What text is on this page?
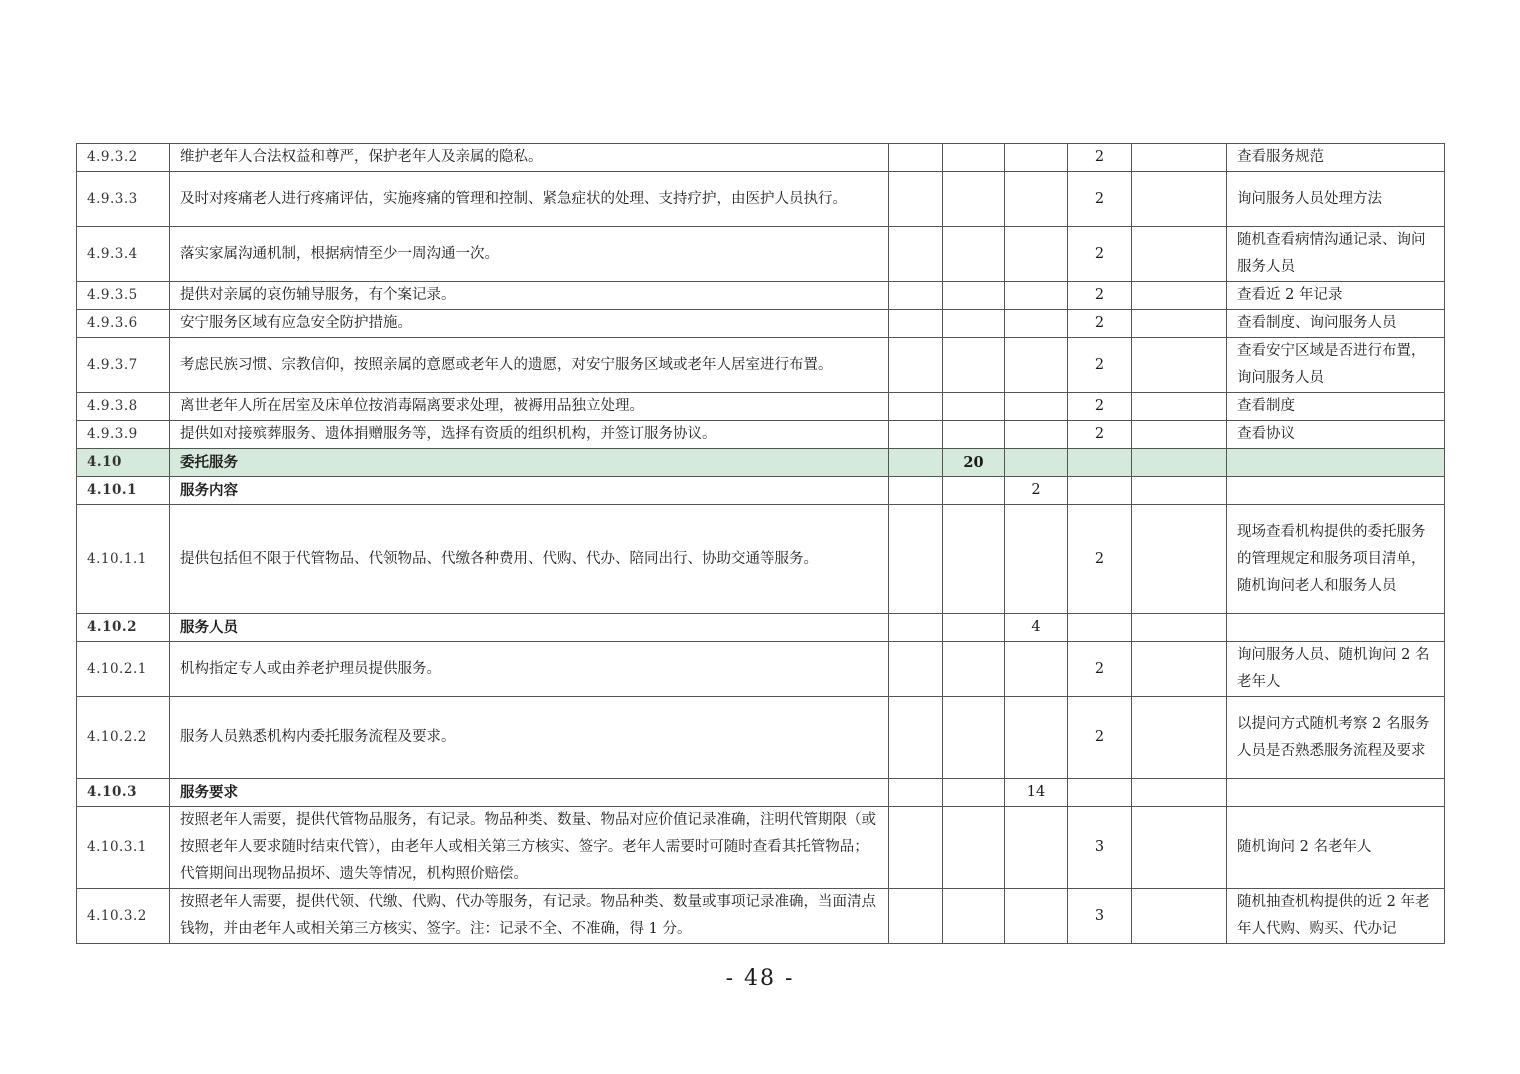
4.9.3.2	维护老年人合法权益和尊严，保护老年人及亲属的隐私。				2		查看服务规范
4.9.3.3	及时对疼痛老人进行疼痛评估，实施疼痛的管理和控制、紧急症状的处理、支持疗护，由医护人员执行。				2		询问服务人员处理方法
4.9.3.4	落实家属沟通机制，根据病情至少一周沟通一次。				2		随机查看病情沟通记录、询问服务人员
4.9.3.5	提供对亲属的哀伤辅导服务，有个案记录。				2		查看近 2 年记录
4.9.3.6	安宁服务区域有应急安全防护措施。				2		查看制度、询问服务人员
4.9.3.7	考虑民族习惯、宗教信仰，按照亲属的意愿或老年人的遗愿，对安宁服务区域或老年人居室进行布置。				2		查看安宁区域是否进行布置，询问服务人员
4.9.3.8	离世老年人所在居室及床单位按消毒隔离要求处理，被褥用品独立处理。				2		查看制度
4.9.3.9	提供如对接殡葬服务、遗体捐赠服务等，选择有资质的组织机构，并签订服务协议。				2		查看协议
4.10	委托服务		20				
4.10.1	服务内容			2			
4.10.1.1	提供包括但不限于代管物品、代领物品、代缴各种费用、代购、代办、陪同出行、协助交通等服务。				2		现场查看机构提供的委托服务的管理规定和服务项目清单，随机询问老人和服务人员
4.10.2	服务人员			4			
4.10.2.1	机构指定专人或由养老护理员提供服务。				2		询问服务人员、随机询问 2 名老年人
4.10.2.2	服务人员熟悉机构内委托服务流程及要求。				2		以提问方式随机考察 2 名服务人员是否熟悉服务流程及要求
4.10.3	服务要求			14			
4.10.3.1	按照老年人需要，提供代管物品服务，有记录。物品种类、数量、物品对应价值记录准确，注明代管期限（或按照老年人要求随时结束代管），由老年人或相关第三方核实、签字。老年人需要时可随时查看其托管物品；代管期间出现物品损坏、遗失等情况，机构照价赔偿。				3		随机询问 2 名老年人
4.10.3.2	按照老年人需要，提供代领、代缴、代购、代办等服务，有记录。物品种类、数量或事项记录准确，当面清点钱物，并由老年人或相关第三方核实、签字。注：记录不全、不准确，得 1 分。				3		随机抽查机构提供的近 2 年老年人代购、购买、代办记
- 48 -
